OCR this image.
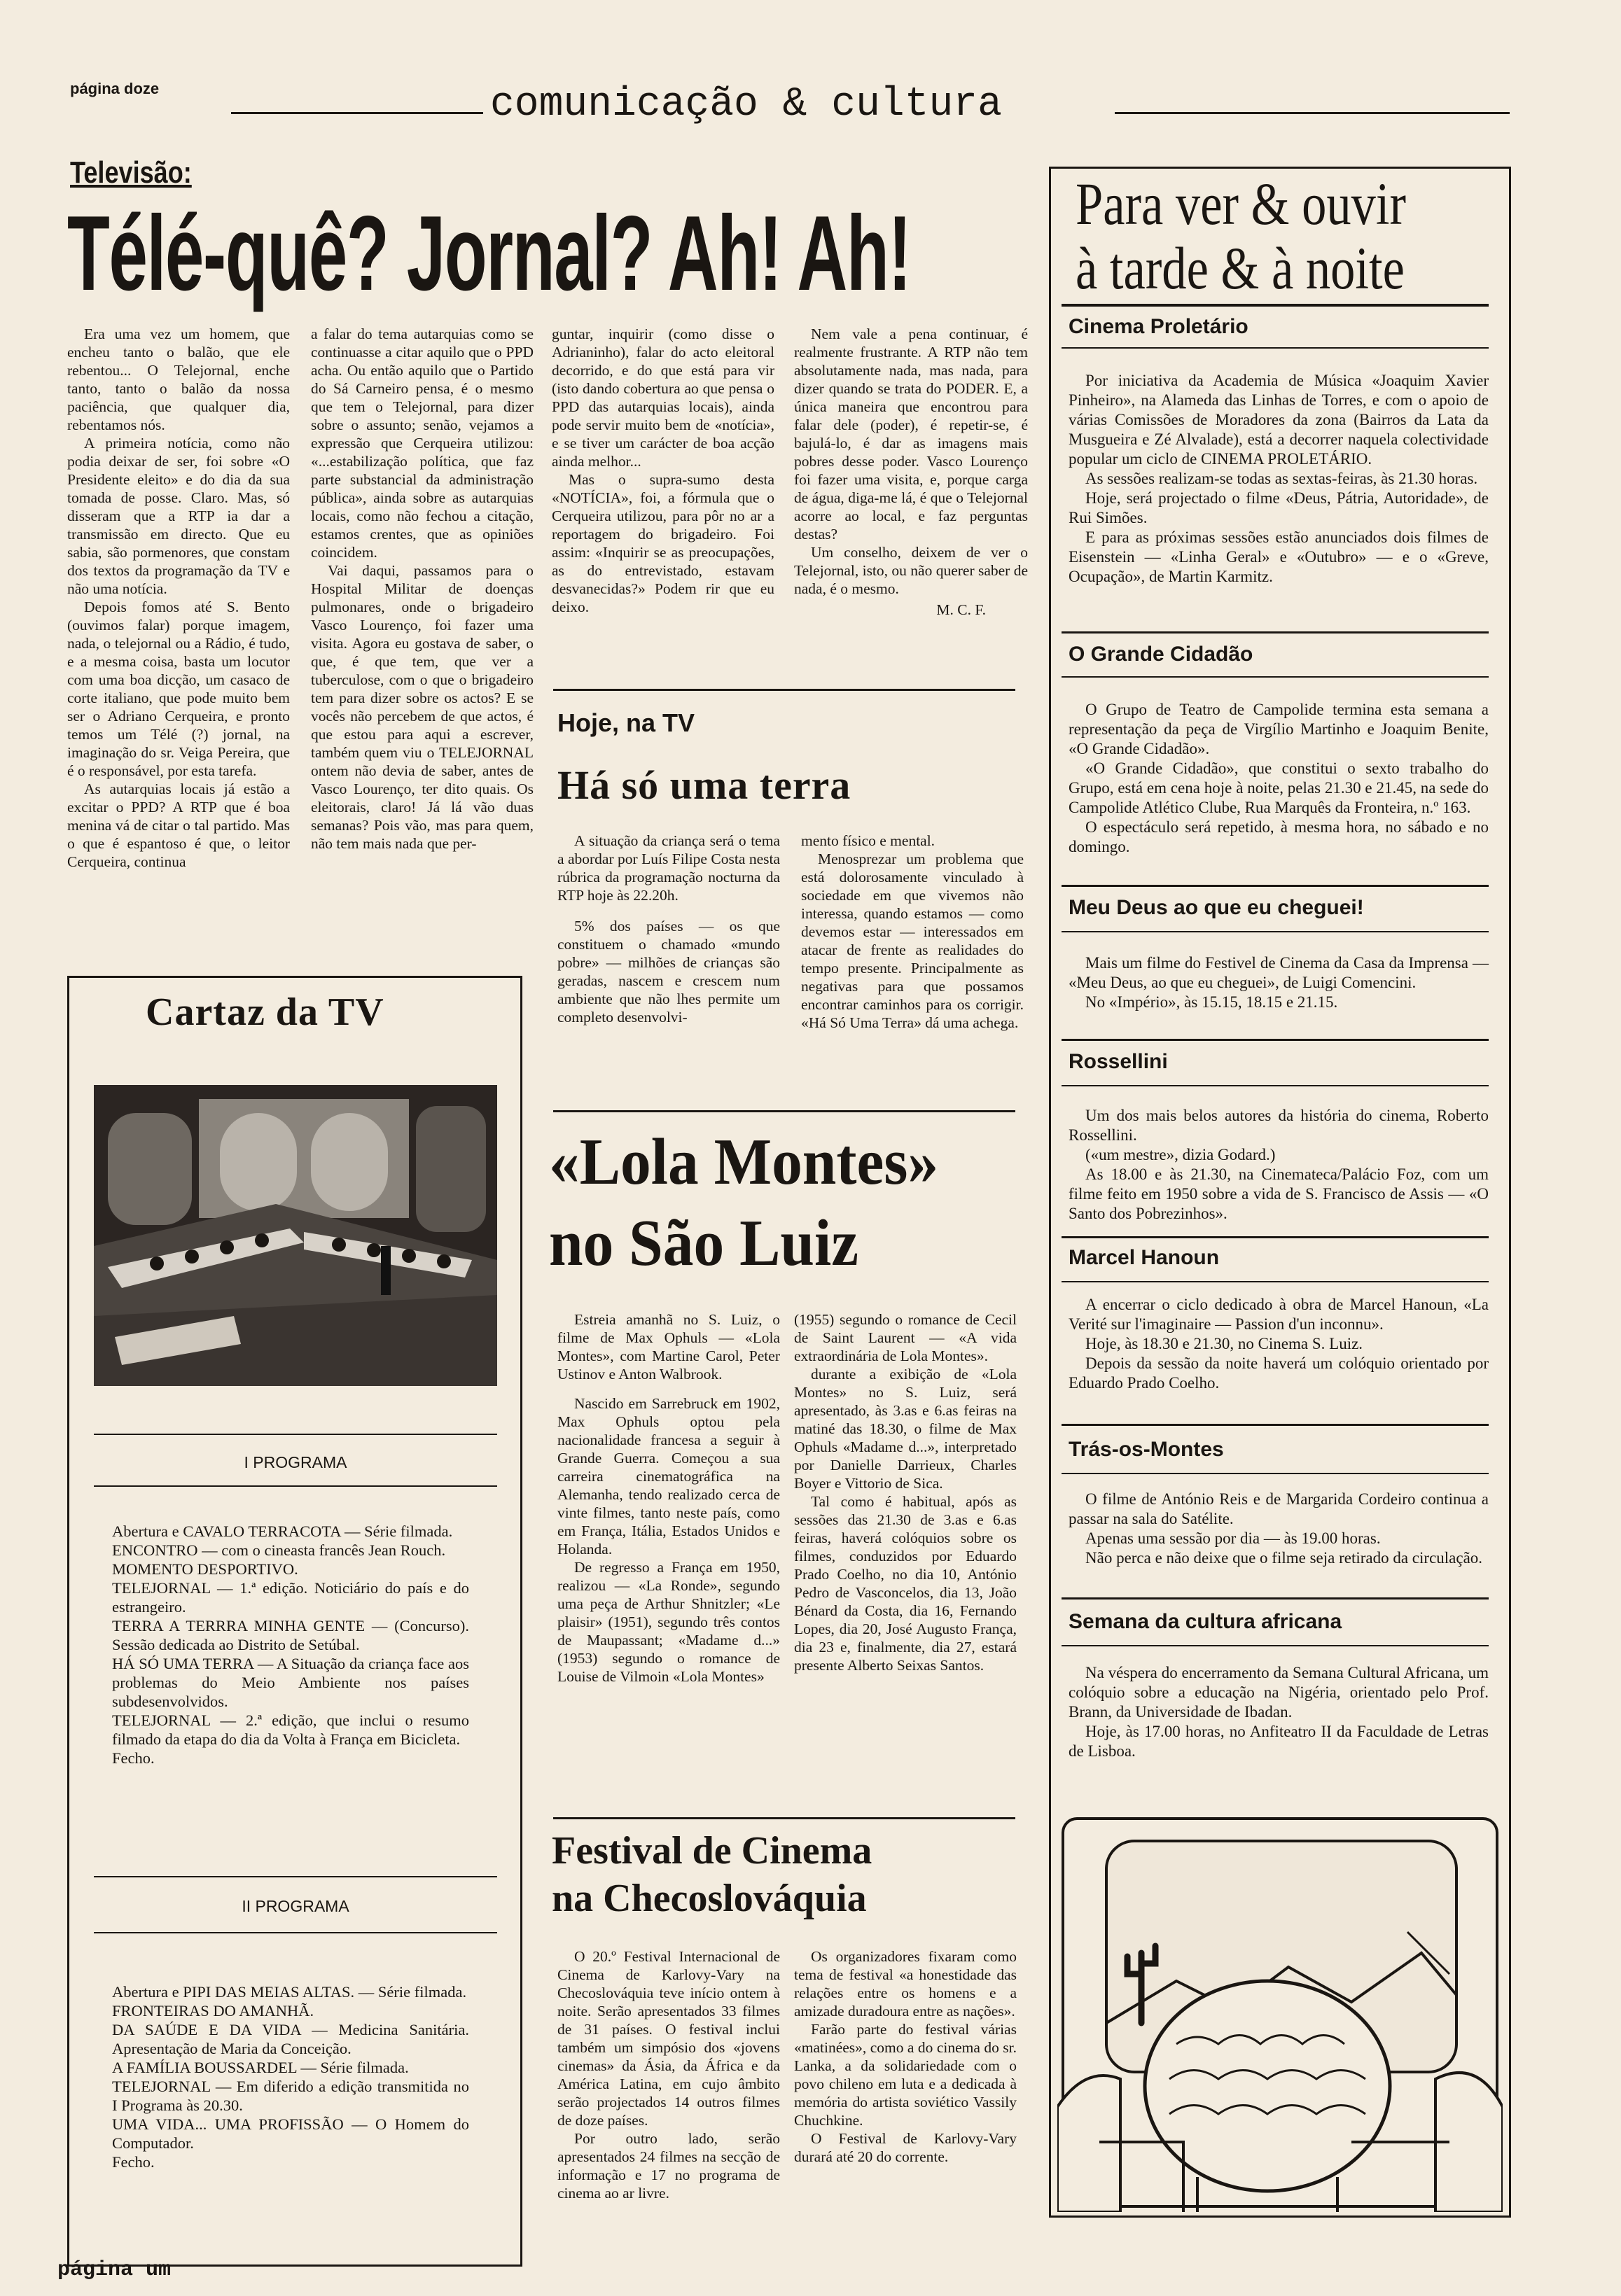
página doze	comunicação & cultura
Televisão:
Télé-quê? Jornal? Ah! Ah!

Era uma vez um homem, que encheu tanto o balão, que ele rebentou... O Telejornal, enche tanto, tanto o balão da nossa paciência, que qualquer dia, rebentamos nós.

A primeira notícia, como não podia deixar de ser, foi sobre «O Presidente eleito» e do dia da sua tomada de posse. Claro. Mas, só disseram que a RTP ia dar a transmissão em directo. Que eu sabia, são pormenores, que constam dos textos da programação da TV e não uma notícia.

Depois fomos até S. Bento (ouvimos falar) porque imagem, nada, o telejornal ou a Rádio, é tudo, e a mesma coisa, basta um locutor com uma boa dicção, um casaco de corte italiano, que pode muito bem ser o Adriano Cerqueira, e pronto temos um Télé (?) jornal, na imaginação do sr. Veiga Pereira, que é o responsável, por esta tarefa.

As autarquias locais já estão a excitar o PPD? A RTP que é boa menina vá de citar o tal partido. Mas o que é espantoso é que, o leitor Cerqueira, continua

a falar do tema autarquias como se continuasse a citar aquilo que o PPD acha. Ou então aquilo que o Partido do Sá Carneiro pensa, é o mesmo que tem o Telejornal, para dizer sobre o assunto; senão, vejamos a expressão que Cerqueira utilizou: «...estabilização política, que faz parte substancial da administração pública», ainda sobre as autarquias locais, como não fechou a citação, estamos crentes, que as opiniões coincidem.

Vai daqui, passamos para o Hospital Militar de doenças pulmonares, onde o brigadeiro Vasco Lourenço, foi fazer uma visita. Agora eu gostava de saber, o que, é que tem, que ver a tuberculose, com o que o brigadeiro tem para dizer sobre os actos? E se vocês não percebem de que actos, é que estou para aqui a escrever, também quem viu o TELEJORNAL ontem não devia de saber, antes de Vasco Lourenço, ter dito quais. Os eleitorais, claro! Já lá vão duas semanas? Pois vão, mas para quem, não tem mais nada que per-

guntar, inquirir (como disse o Adrianinho), falar do acto eleitoral decorrido, e do que está para vir (isto dando cobertura ao que pensa o PPD das autarquias locais), ainda pode servir muito bem de «notícia», e se tiver um carácter de boa acção ainda melhor...

Mas o supra-sumo desta «NOTÍCIA», foi, a fórmula que o Cerqueira utilizou, para pôr no ar a reportagem do brigadeiro. Foi assim: «Inquirir se as preocupações, as do entrevistado, estavam desvanecidas?» Podem rir que eu deixo.

Nem vale a pena continuar, é realmente frustrante. A RTP não tem absolutamente nada, mas nada, para dizer quando se trata do PODER. E, a única maneira que encontrou para falar dele (poder), é repetir-se, é bajulá-lo, é dar as imagens mais pobres desse poder. Vasco Lourenço foi fazer uma visita, e, porque carga de água, diga-me lá, é que o Telejornal acorre ao local, e faz perguntas destas?

Um conselho, deixem de ver o Telejornal, isto, ou não querer saber de nada, é o mesmo.

M. C. F.
Hoje, na TV
Há só uma terra

A situação da criança será o tema a abordar por Luís Filipe Costa nesta rúbrica da programação nocturna da RTP hoje às 22.20h.

5% dos países — os que constituem o chamado «mundo pobre» — milhões de crianças são geradas, nascem e crescem num ambiente que não lhes permite um completo desenvolvi-

mento físico e mental.

Menosprezar um problema que está dolorosamente vinculado à sociedade em que vivemos não interessa, quando estamos — como devemos estar — interessados em atacar de frente as realidades do tempo presente. Principalmente as negativas para que possamos encontrar caminhos para os corrigir. «Há Só Uma Terra» dá uma achega.

«Lola Montes»
no São Luiz

Estreia amanhã no S. Luiz, o filme de Max Ophuls — «Lola Montes», com Martine Carol, Peter Ustinov e Anton Walbrook.

Nascido em Sarrebruck em 1902, Max Ophuls optou pela nacionalidade francesa a seguir à Grande Guerra. Começou a sua carreira cinematográfica na Alemanha, tendo realizado cerca de vinte filmes, tanto neste país, como em França, Itália, Estados Unidos e Holanda.

De regresso a França em 1950, realizou — «La Ronde», segundo uma peça de Arthur Shnitzler; «Le plaisir» (1951), segundo três contos de Maupassant; «Madame d...» (1953) segundo o romance de Louise de Vilmoin «Lola Montes»

(1955) segundo o romance de Cecil de Saint Laurent — «A vida extraordinária de Lola Montes».

durante a exibição de «Lola Montes» no S. Luiz, será apresentado, às 3.as e 6.as feiras na matiné das 18.30, o filme de Max Ophuls «Madame d...», interpretado por Danielle Darrieux, Charles Boyer e Vittorio de Sica.

Tal como é habitual, após as sessões das 21.30 de 3.as e 6.as feiras, haverá colóquios sobre os filmes, conduzidos por Eduardo Prado Coelho, no dia 10, António Pedro de Vasconcelos, dia 13, João Bénard da Costa, dia 16, Fernando Lopes, dia 20, José Augusto França, dia 23 e, finalmente, dia 27, estará presente Alberto Seixas Santos.

Festival de Cinema
na Checoslováquia

O 20.º Festival Internacional de Cinema de Karlovy-Vary na Checoslováquia teve início ontem à noite. Serão apresentados 33 filmes de 31 países. O festival inclui também um simpósio dos «jovens cinemas» da Ásia, da África e da América Latina, em cujo âmbito serão projectados 14 outros filmes de doze países.

Por outro lado, serão apresentados 24 filmes na secção de informação e 17 no programa de cinema ao ar livre.

Os organizadores fixaram como tema de festival «a honestidade das relações entre os homens e a amizade duradoura entre as nações».

Farão parte do festival várias «matinées», como a do cinema do sr. Lanka, a da solidariedade com o povo chileno em luta e a dedicada à memória do artista soviético Vassily Chuchkine.

O Festival de Karlovy-Vary durará até 20 do corrente.

Cartaz da TV
I PROGRAMA

Abertura e CAVALO TERRACOTA — Série filmada.

ENCONTRO — com o cineasta francês Jean Rouch.

MOMENTO DESPORTIVO.

TELEJORNAL — 1.ª edição. Noticiário do país e do estrangeiro.

TERRA A TERRRA MINHA GENTE — (Concurso). Sessão dedicada ao Distrito de Setúbal.

HÁ SÓ UMA TERRA — A Situação da criança face aos problemas do Meio Ambiente nos países subdesenvolvidos.

TELEJORNAL — 2.ª edição, que inclui o resumo filmado da etapa do dia da Volta à França em Bicicleta.

Fecho.

II PROGRAMA

Abertura e PIPI DAS MEIAS ALTAS. — Série filmada.

FRONTEIRAS DO AMANHÃ.

DA SAÚDE E DA VIDA — Medicina Sanitária. Apresentação de Maria da Conceição.

A FAMÍLIA BOUSSARDEL — Série filmada.

TELEJORNAL — Em diferido a edição transmitida no I Programa às 20.30.

UMA VIDA... UMA PROFISSÃO — O Homem do Computador.

Fecho.

Para ver & ouvir
à tarde & à noite
Cinema Proletário

Por iniciativa da Academia de Música «Joaquim Xavier Pinheiro», na Alameda das Linhas de Torres, e com o apoio de várias Comissões de Moradores da zona (Bairros da Lata da Musgueira e Zé Alvalade), está a decorrer naquela colectividade popular um ciclo de CINEMA PROLETÁRIO.

As sessões realizam-se todas as sextas-feiras, às 21.30 horas.

Hoje, será projectado o filme «Deus, Pátria, Autoridade», de Rui Simões.

E para as próximas sessões estão anunciados dois filmes de Eisenstein — «Linha Geral» e «Outubro» — e o «Greve, Ocupação», de Martin Karmitz.

O Grande Cidadão

O Grupo de Teatro de Campolide termina esta semana a representação da peça de Virgílio Martinho e Joaquim Benite, «O Grande Cidadão».

«O Grande Cidadão», que constitui o sexto trabalho do Grupo, está em cena hoje à noite, pelas 21.30 e 21.45, na sede do Campolide Atlético Clube, Rua Marquês da Fronteira, n.º 163.

O espectáculo será repetido, à mesma hora, no sábado e no domingo.

Meu Deus ao que eu cheguei!

Mais um filme do Festivel de Cinema da Casa da Imprensa — «Meu Deus, ao que eu cheguei», de Luigi Comencini.

No «Império», às 15.15, 18.15 e 21.15.

Rossellini

Um dos mais belos autores da história do cinema, Roberto Rossellini.

(«um mestre», dizia Godard.)

As 18.00 e às 21.30, na Cinemateca/Palácio Foz, com um filme feito em 1950 sobre a vida de S. Francisco de Assis — «O Santo dos Pobrezinhos».

Marcel Hanoun

A encerrar o ciclo dedicado à obra de Marcel Hanoun, «La Verité sur l'imaginaire — Passion d'un inconnu».

Hoje, às 18.30 e 21.30, no Cinema S. Luiz.

Depois da sessão da noite haverá um colóquio orientado por Eduardo Prado Coelho.

Trás-os-Montes

O filme de António Reis e de Margarida Cordeiro continua a passar na sala do Satélite.

Apenas uma sessão por dia — às 19.00 horas.

Não perca e não deixe que o filme seja retirado da circulação.

Semana da cultura africana

Na véspera do encerramento da Semana Cultural Africana, um colóquio sobre a educação na Nigéria, orientado pelo Prof. Brann, da Universidade de Ibadan.

Hoje, às 17.00 horas, no Anfiteatro II da Faculdade de Letras de Lisboa.

página um
